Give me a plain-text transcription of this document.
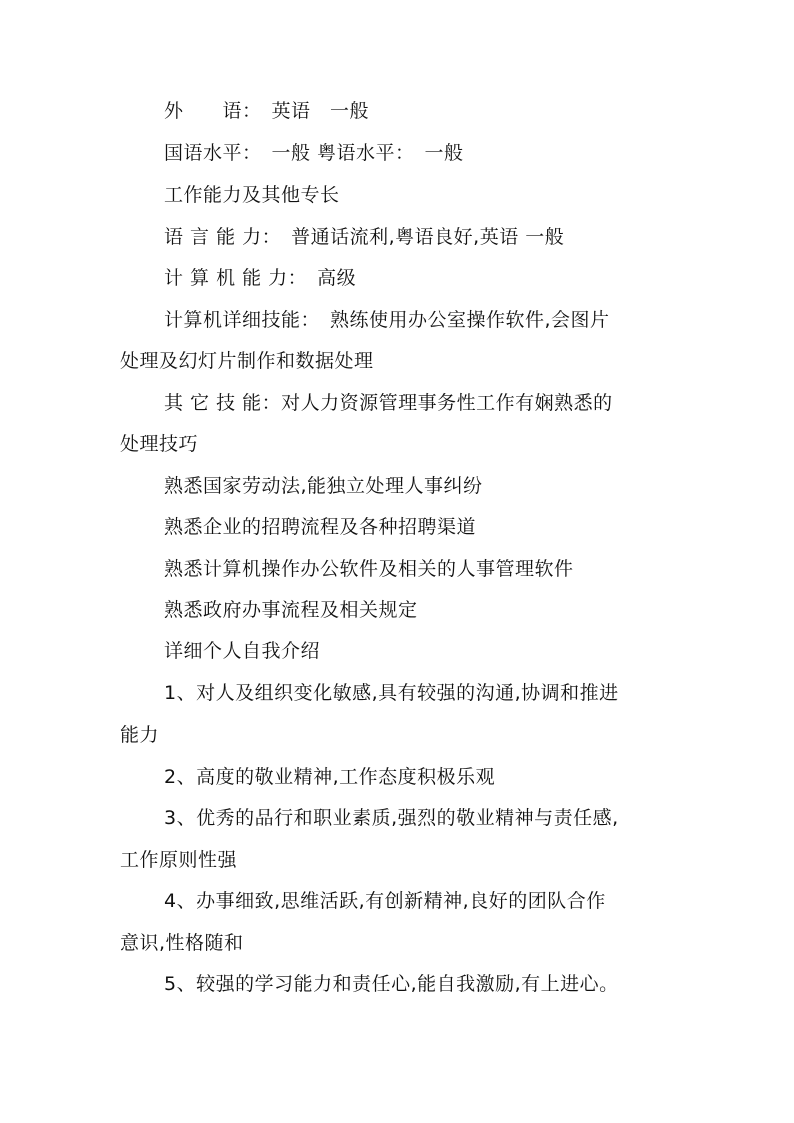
外　　语：　英语　一般
国语水平：　一般 粤语水平：　一般
工作能力及其他专长
语 言 能 力：　普通话流利,粤语良好,英语 一般
计 算 机 能 力：　高级
计算机详细技能：　熟练使用办公室操作软件,会图片
处理及幻灯片制作和数据处理
其 它 技 能：对人力资源管理事务性工作有娴熟悉的
处理技巧
熟悉国家劳动法,能独立处理人事纠纷
熟悉企业的招聘流程及各种招聘渠道
熟悉计算机操作办公软件及相关的人事管理软件
熟悉政府办事流程及相关规定
详细个人自我介绍
1、对人及组织变化敏感,具有较强的沟通,协调和推进
能力
2、高度的敬业精神,工作态度积极乐观
3、优秀的品行和职业素质,强烈的敬业精神与责任感,
工作原则性强
4、办事细致,思维活跃,有创新精神,良好的团队合作
意识,性格随和
5、较强的学习能力和责任心,能自我激励,有上进心。
